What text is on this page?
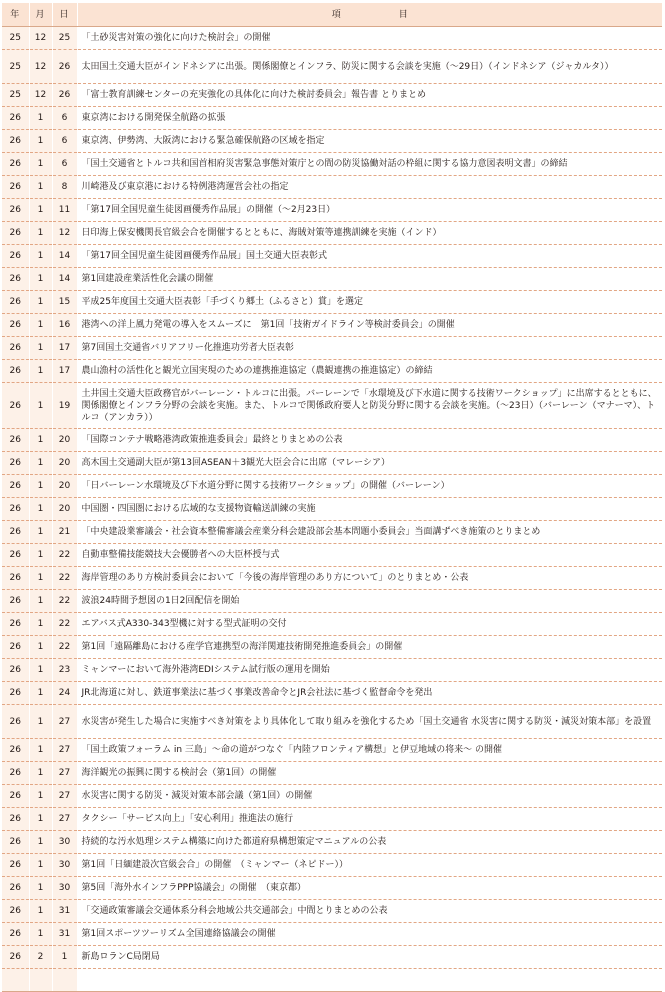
年	月	日	項 目
25	12	25	「土砂災害対策の強化に向けた検討会」の開催
25	12	26	太田国土交通大臣がインドネシアに出張。関係閣僚とインフラ、防災に関する会談を実施（〜29日）（インドネシア（ジャカルタ））
25	12	26	「富士教育訓練センターの充実強化の具体化に向けた検討委員会」報告書 とりまとめ
26	1	6	東京湾における開発保全航路の拡張
26	1	6	東京湾、伊勢湾、大阪湾における緊急確保航路の区域を指定
26	1	6	「国土交通省とトルコ共和国首相府災害緊急事態対策庁との間の防災協働対話の枠組に関する協力意図表明文書」の締結
26	1	8	川崎港及び東京港における特例港湾運営会社の指定
26	1	11	「第17回全国児童生徒図画優秀作品展」の開催（〜2月23日）
26	1	12	日印海上保安機関長官級会合を開催するとともに、海賊対策等連携訓練を実施（インド）
26	1	14	「第17回全国児童生徒図画優秀作品展」国土交通大臣表彰式
26	1	14	第1回建設産業活性化会議の開催
26	1	15	平成25年度国土交通大臣表彰「手づくり郷土（ふるさと）賞」を選定
26	1	16	港湾への洋上風力発電の導入をスムーズに　第1回「技術ガイドライン等検討委員会」の開催
26	1	17	第7回国土交通省バリアフリー化推進功労者大臣表彰
26	1	17	農山漁村の活性化と観光立国実現のための連携推進協定（農観連携の推進協定）の締結
26	1	19	土井国土交通大臣政務官がバーレーン・トルコに出張。バーレーンで「水環境及び下水道に関する技術ワークショップ」に出席するとともに、関係閣僚とインフラ分野の会談を実施。また、トルコで関係政府要人と防災分野に関する会談を実施。（〜23日）（バーレーン（マナーマ）、トルコ（アンカラ））
26	1	20	「国際コンテナ戦略港湾政策推進委員会」最終とりまとめの公表
26	1	20	高木国土交通副大臣が第13回ASEAN＋3観光大臣会合に出席（マレーシア）
26	1	20	「日バーレーン水環境及び下水道分野に関する技術ワークショップ」の開催（バーレーン）
26	1	20	中国圏・四国圏における広域的な支援物資輸送訓練の実施
26	1	21	「中央建設業審議会・社会資本整備審議会産業分科会建設部会基本問題小委員会」当面講ずべき施策のとりまとめ
26	1	22	自動車整備技能競技大会優勝者への大臣杯授与式
26	1	22	海岸管理のあり方検討委員会において「今後の海岸管理のあり方について」のとりまとめ・公表
26	1	22	波浪24時間予想図の1日2回配信を開始
26	1	22	エアバス式A330-343型機に対する型式証明の交付
26	1	22	第1回「遠隔離島における産学官連携型の海洋関連技術開発推進委員会」の開催
26	1	23	ミャンマーにおいて海外港湾EDIシステム試行版の運用を開始
26	1	24	JR北海道に対し、鉄道事業法に基づく事業改善命令とJR会社法に基づく監督命令を発出
26	1	27	水災害が発生した場合に実施すべき対策をより具体化して取り組みを強化するため「国土交通省 水災害に関する防災・減災対策本部」を設置
26	1	27	「国土政策フォーラム in 三島」〜命の道がつなぐ「内陸フロンティア構想」と伊豆地域の将来〜 の開催
26	1	27	海洋観光の振興に関する検討会（第1回）の開催
26	1	27	水災害に関する防災・減災対策本部会議（第1回）の開催
26	1	27	タクシー「サービス向上」「安心利用」推進法の施行
26	1	30	持続的な汚水処理システム構築に向けた都道府県構想策定マニュアルの公表
26	1	30	第1回「日緬建設次官級会合」の開催　（ミャンマー（ネピドー））
26	1	30	第5回「海外水インフラPPP協議会」の開催　（東京都）
26	1	31	「交通政策審議会交通体系分科会地域公共交通部会」中間とりまとめの公表
26	1	31	第1回スポーツツーリズム全国連絡協議会の開催
26	2	1	新島ロランC局閉局
